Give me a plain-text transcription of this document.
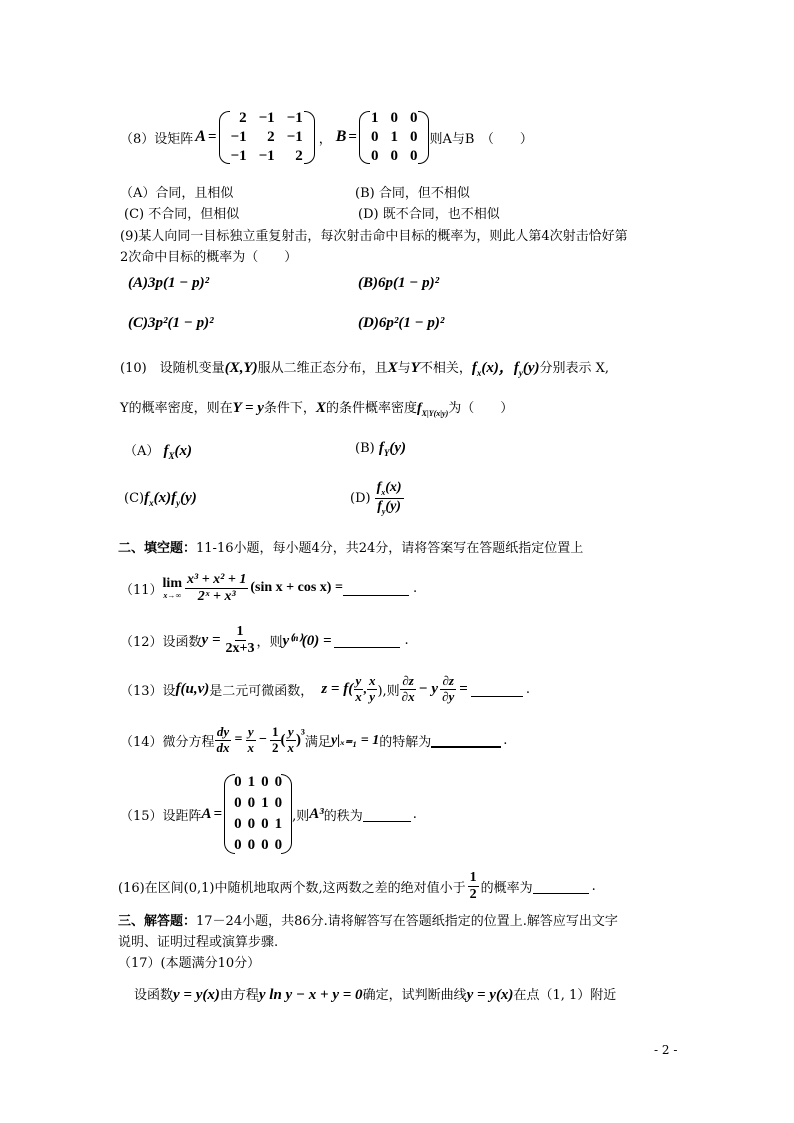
（8）设矩阵 A =
2	−1	−1
−1	2	−1
−1	−1	2
， B =
1	0	0
0	1	0
0	0	0
则A与B　（　　）
（A）合同，且相似	(B) 合同，但不相似
(C) 不合同，但相似	(D) 既不合同，也不相似
(9)某人向同一目标独立重复射击，每次射击命中目标的概率为，则此人第4次射击恰好第
2次命中目标的概率为（　　）
(A)3p(1 − p)²	(B)6p(1 − p)²
(C)3p²(1 − p)²	(D)6p²(1 − p)²
(10)　设随机变量 (X,Y) 服从二维正态分布，且 X 与 Y 不相关， $f_x(x)$，$f_y(y)$ 分别表示 X,
Y的概率密度，则在 Y = y 条件下， X 的条件概率密度 $f_{X|Y(x|y)}$ 为（　　）
（A） $f_X(x)$	(B) $f_Y(y)$
$(C)f_x(x)f_y(y)$	$(D) \frac{f_x(x)}{f_y(y)}$
二、填空题：11-16小题，每小题4分，共24分，请将答案写在答题纸指定位置上
（11） lim
$x\to\infty \frac{\text{x³ + x² + 1}}{\text{2ˣ + x³}} (\sin$ x + cos x) =	.
（12）设函数 $y = \frac{1}{2x+3}$ ，则 y⁽ⁿ⁾(0) =	.
（13）设 f(u,v) 是二元可微函数， $z = f( \frac{y}{x}$ , $\frac{x}{y}$ ),则 $\frac{\partial z}{\partial x} - y \frac{\partial z}{\partial y}$ =	.
（14）微分方程 $\frac{dy}{dx} = \frac{y}{x} - \frac{1}{2}$ ( $\frac{y}{x}$ ) ³
满足 y|ₓ₌₁ = 1 的特解为	.
（15）设距阵 A =
0	1	0	0
0	0	1	0
0	0	0	1
0	0	0	0
,则 A³ 的秩为	.
(16)在区间(0,1)中随机地取两个数,这两数之差的绝对值小于 $\frac{1}{2}$ 的概率为	.
三、解答题：17－24小题，共86分.请将解答写在答题纸指定的位置上.解答应写出文字
说明、证明过程或演算步骤.
（17）(本题满分10分）
设函数 y = y(x) 由方程 y ln y − x + y = 0 确定，试判断曲线 y = y(x) 在点（1, 1）附近
- 2 -
